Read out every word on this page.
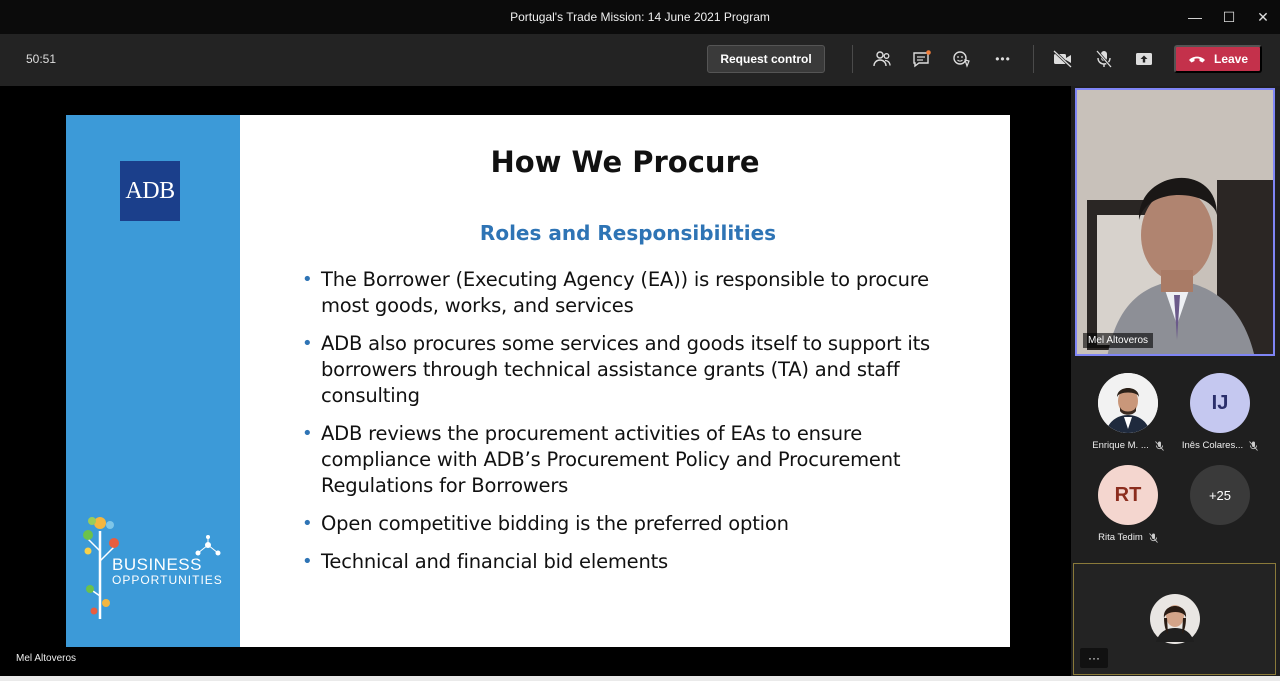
Portugal's Trade Mission: 14 June 2021 Program	—	☐	✕
50:51	Request control	•••	Leave
ADB
BUSINESS
OPPORTUNITIES
How We Procure
Roles and Responsibilities
• The Borrower (Executing Agency (EA)) is responsible to procure most goods, works, and services
• ADB also procures some services and goods itself to support its borrowers through technical assistance grants (TA) and staff consulting
• ADB reviews the procurement activities of EAs to ensure compliance with ADB’s Procurement Policy and Procurement Regulations for Borrowers
• Open competitive bidding is the preferred option
• Technical and financial bid elements
Mel Altoveros
Mel Altoveros
Enrique M. ...
IJ
Inês Colares...
RT
Rita Tedim
+25
···
